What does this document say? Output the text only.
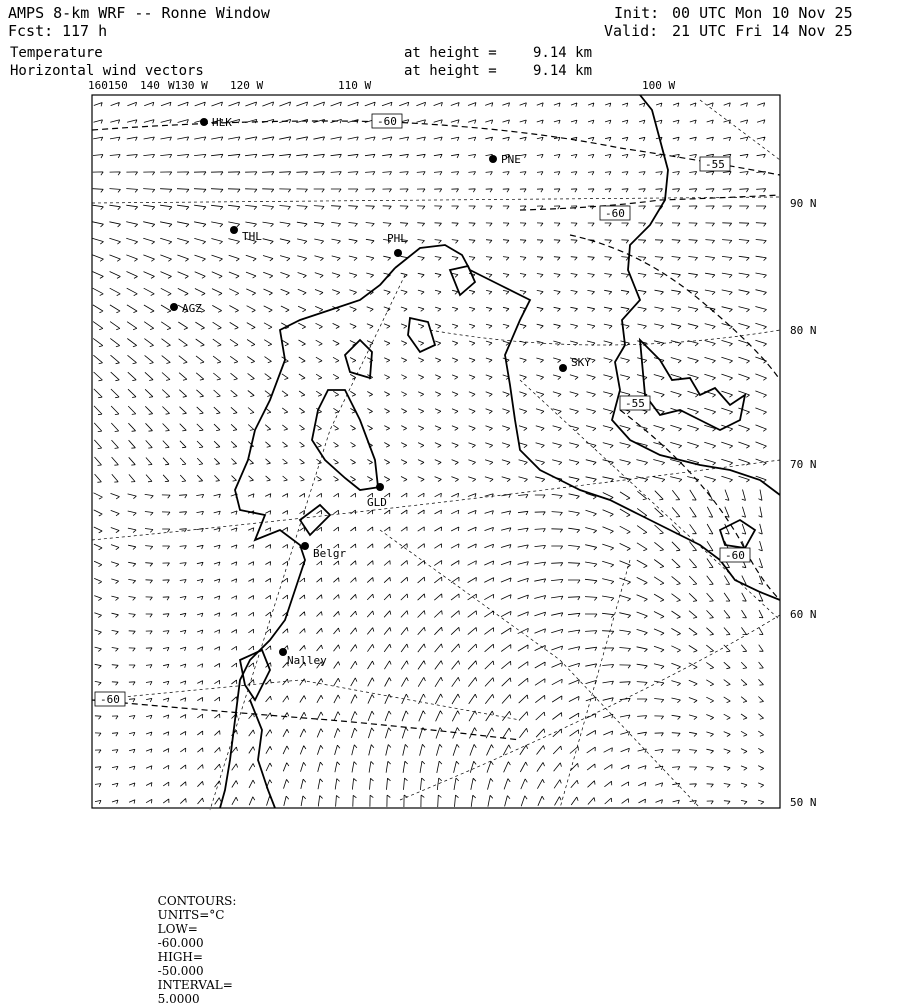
AMPS 8-km WRF -- Ronne Window
Fcst: 117 h
Temperature
Horizontal wind vectors
at height =	9.14 km
at height =	9.14 km
Init: 00 UTC Mon 10 Nov 25
Valid: 21 UTC Fri 14 Nov 25
-60
-55
-60
-55
-60
-60
HLK
PNE
THL	PHL
AGZ
SKY
GLD
Belgr
Nalley
160150 140 W130 W 120 W	110 W	100 W
90 N
80 N
70 N
60 N
50 N

CONTOURS:
UNITS=°C
LOW=
-60.000
HIGH=
-50.000
INTERVAL=
5.0000
